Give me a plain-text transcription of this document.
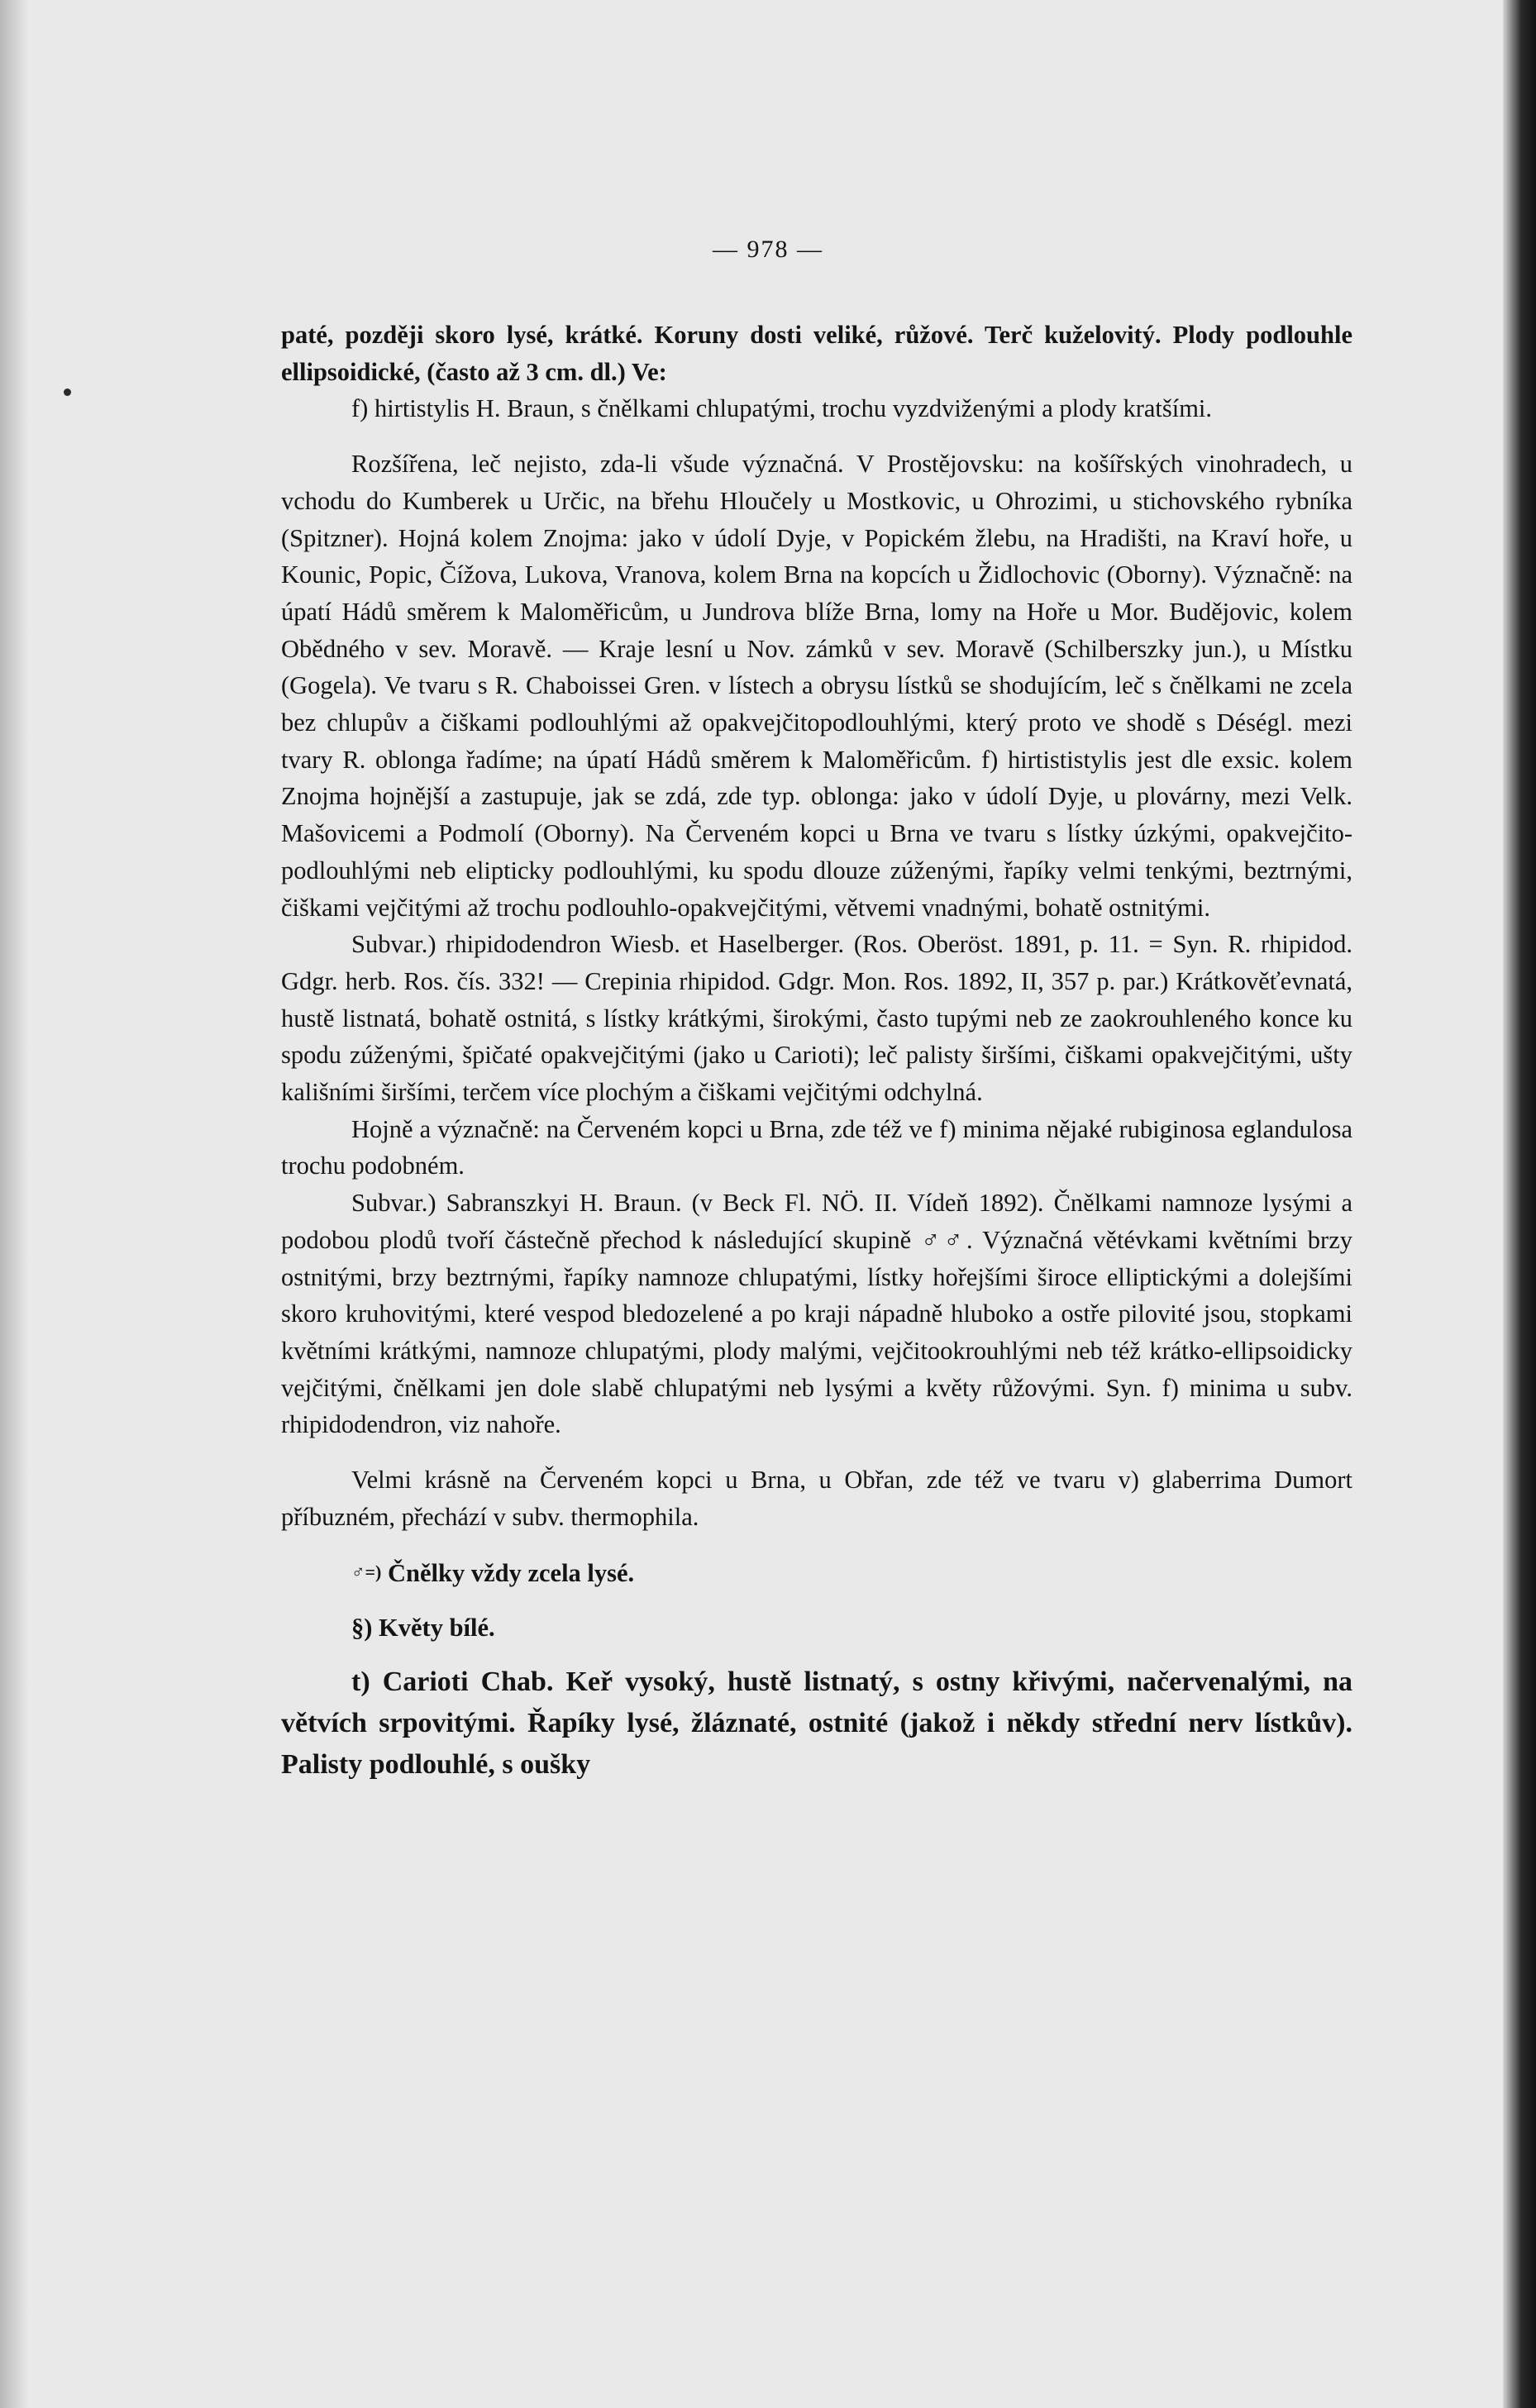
— 978 —

paté, později skoro lysé, krátké. Koruny dosti veliké, růžové. Terč kuželovitý. Plody podlouhle ellipsoidické, (často až 3 cm. dl.) Ve:

f) hirtistylis H. Braun, s čnělkami chlupatými, trochu vyzdviženými a plody kratšími.

Rozšířena, leč nejisto, zda-li všude význačná. V Prostějovsku: na košířských vinohradech, u vchodu do Kumberek u Určic, na břehu Hloučely u Mostkovic, u Ohrozimi, u stichovského rybníka (Spitzner). Hojná kolem Znojma: jako v údolí Dyje, v Popickém žlebu, na Hradišti, na Kraví hoře, u Kounic, Popic, Čížova, Lukova, Vranova, kolem Brna na kopcích u Židlochovic (Oborny). Význačně: na úpatí Hádů směrem k Maloměřicům, u Jundrova blíže Brna, lomy na Hoře u Mor. Budějovic, kolem Obědného v sev. Moravě. — Kraje lesní u Nov. zámků v sev. Moravě (Schilberszky jun.), u Místku (Gogela). Ve tvaru s R. Chaboissei Gren. v lístech a obrysu lístků se shodujícím, leč s čnělkami ne zcela bez chlupův a čiškami podlouhlými až opakvejčitopodlouhlými, který proto ve shodě s Déségl. mezi tvary R. oblonga řadíme; na úpatí Hádů směrem k Maloměřicům. f) hirtististylis jest dle exsic. kolem Znojma hojnější a zastupuje, jak se zdá, zde typ. oblonga: jako v údolí Dyje, u plovárny, mezi Velk. Mašovicemi a Podmolí (Oborny). Na Červeném kopci u Brna ve tvaru s lístky úzkými, opakvejčito-podlouhlými neb elipticky podlouhlými, ku spodu dlouze zúženými, řapíky velmi tenkými, beztrnými, čiškami vejčitými až trochu podlouhlo-opakvejčitými, větvemi vnadnými, bohatě ostnitými.

Subvar.) rhipidodendron Wiesb. et Haselberger. (Ros. Oberöst. 1891, p. 11. = Syn. R. rhipidod. Gdgr. herb. Ros. čís. 332! — Crepinia rhipidod. Gdgr. Mon. Ros. 1892, II, 357 p. par.) Krátkověťevnatá, hustě listnatá, bohatě ostnitá, s lístky krátkými, širokými, často tupými neb ze zaokrouhleného konce ku spodu zúženými, špičaté opakvejčitými (jako u Carioti); leč palisty širšími, čiškami opakvejčitými, ušty kališními širšími, terčem více plochým a čiškami vejčitými odchylná.

Hojně a význačně: na Červeném kopci u Brna, zde též ve f) minima nějaké rubiginosa eglandulosa trochu podobném.

Subvar.) Sabranszkyi H. Braun. (v Beck Fl. NÖ. II. Vídeň 1892). Čnělkami namnoze lysými a podobou plodů tvoří částečně přechod k následující skupině ♂♂. Význačná větévkami květními brzy ostnitými, brzy beztrnými, řapíky namnoze chlupatými, lístky hořejšími široce elliptickými a dolejšími skoro kruhovitými, které vespod bledozelené a po kraji nápadně hluboko a ostře pilovité jsou, stopkami květními krátkými, namnoze chlupatými, plody malými, vejčitookrouhlými neb též krátko-ellipsoidicky vejčitými, čnělkami jen dole slabě chlupatými neb lysými a květy růžovými. Syn. f) minima u subv. rhipidodendron, viz nahoře.

Velmi krásně na Červeném kopci u Brna, u Obřan, zde též ve tvaru v) glaberrima Dumort příbuzném, přechází v subv. thermophila.

♂=) Čnělky vždy zcela lysé.

§) Květy bílé.

t) Carioti Chab. Keř vysoký, hustě listnatý, s ostny křivými, načervenalými, na větvích srpovitými. Řapíky lysé, žláznaté, ostnité (jakož i někdy střední nerv lístkův). Palisty podlouhlé, s oušky
